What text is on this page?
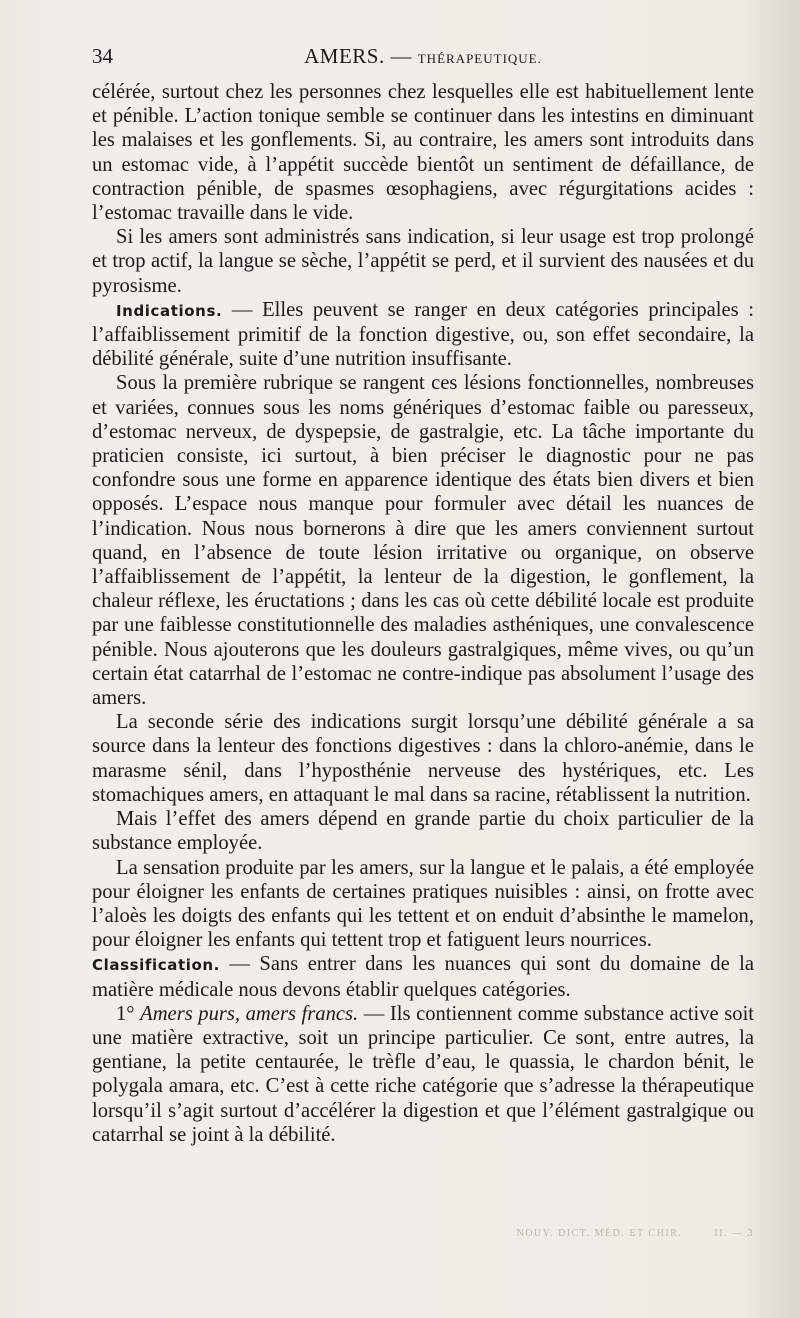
34	AMERS. — THÉRAPEUTIQUE.

célérée, surtout chez les personnes chez lesquelles elle est habituellement lente et pénible. L’action tonique semble se continuer dans les intestins en diminuant les malaises et les gonflements. Si, au contraire, les amers sont introduits dans un estomac vide, à l’appétit succède bientôt un sentiment de défaillance, de contraction pénible, de spasmes œsophagiens, avec régurgitations acides : l’estomac travaille dans le vide.

Si les amers sont administrés sans indication, si leur usage est trop prolongé et trop actif, la langue se sèche, l’appétit se perd, et il survient des nausées et du pyrosisme.

Indications. — Elles peuvent se ranger en deux catégories principales : l’affaiblissement primitif de la fonction digestive, ou, son effet secondaire, la débilité générale, suite d’une nutrition insuffisante.

Sous la première rubrique se rangent ces lésions fonctionnelles, nombreuses et variées, connues sous les noms génériques d’estomac faible ou paresseux, d’estomac nerveux, de dyspepsie, de gastralgie, etc. La tâche importante du praticien consiste, ici surtout, à bien préciser le diagnostic pour ne pas confondre sous une forme en apparence identique des états bien divers et bien opposés. L’espace nous manque pour formuler avec détail les nuances de l’indication. Nous nous bornerons à dire que les amers conviennent surtout quand, en l’absence de toute lésion irritative ou organique, on observe l’affaiblissement de l’appétit, la lenteur de la digestion, le gonflement, la chaleur réflexe, les éructations ; dans les cas où cette débilité locale est produite par une faiblesse constitutionnelle des maladies asthéniques, une convalescence pénible. Nous ajouterons que les douleurs gastralgiques, même vives, ou qu’un certain état catarrhal de l’estomac ne contre-indique pas absolument l’usage des amers.

La seconde série des indications surgit lorsqu’une débilité générale a sa source dans la lenteur des fonctions digestives : dans la chloro-anémie, dans le marasme sénil, dans l’hyposthénie nerveuse des hystériques, etc. Les stomachiques amers, en attaquant le mal dans sa racine, rétablissent la nutrition.

Mais l’effet des amers dépend en grande partie du choix particulier de la substance employée.

La sensation produite par les amers, sur la langue et le palais, a été employée pour éloigner les enfants de certaines pratiques nuisibles : ainsi, on frotte avec l’aloès les doigts des enfants qui les tettent et on enduit d’absinthe le mamelon, pour éloigner les enfants qui tettent trop et fatiguent leurs nourrices.

Classification. — Sans entrer dans les nuances qui sont du domaine de la matière médicale nous devons établir quelques catégories.

1° Amers purs, amers francs. — Ils contiennent comme substance active soit une matière extractive, soit un principe particulier. Ce sont, entre autres, la gentiane, la petite centaurée, le trèfle d’eau, le quassia, le chardon bénit, le polygala amara, etc. C’est à cette riche catégorie que s’adresse la thérapeutique lorsqu’il s’agit surtout d’accélérer la digestion et que l’élément gastralgique ou catarrhal se joint à la débilité.

NOUV. DICT. MÉD. ET CHIR.	II. — 3
